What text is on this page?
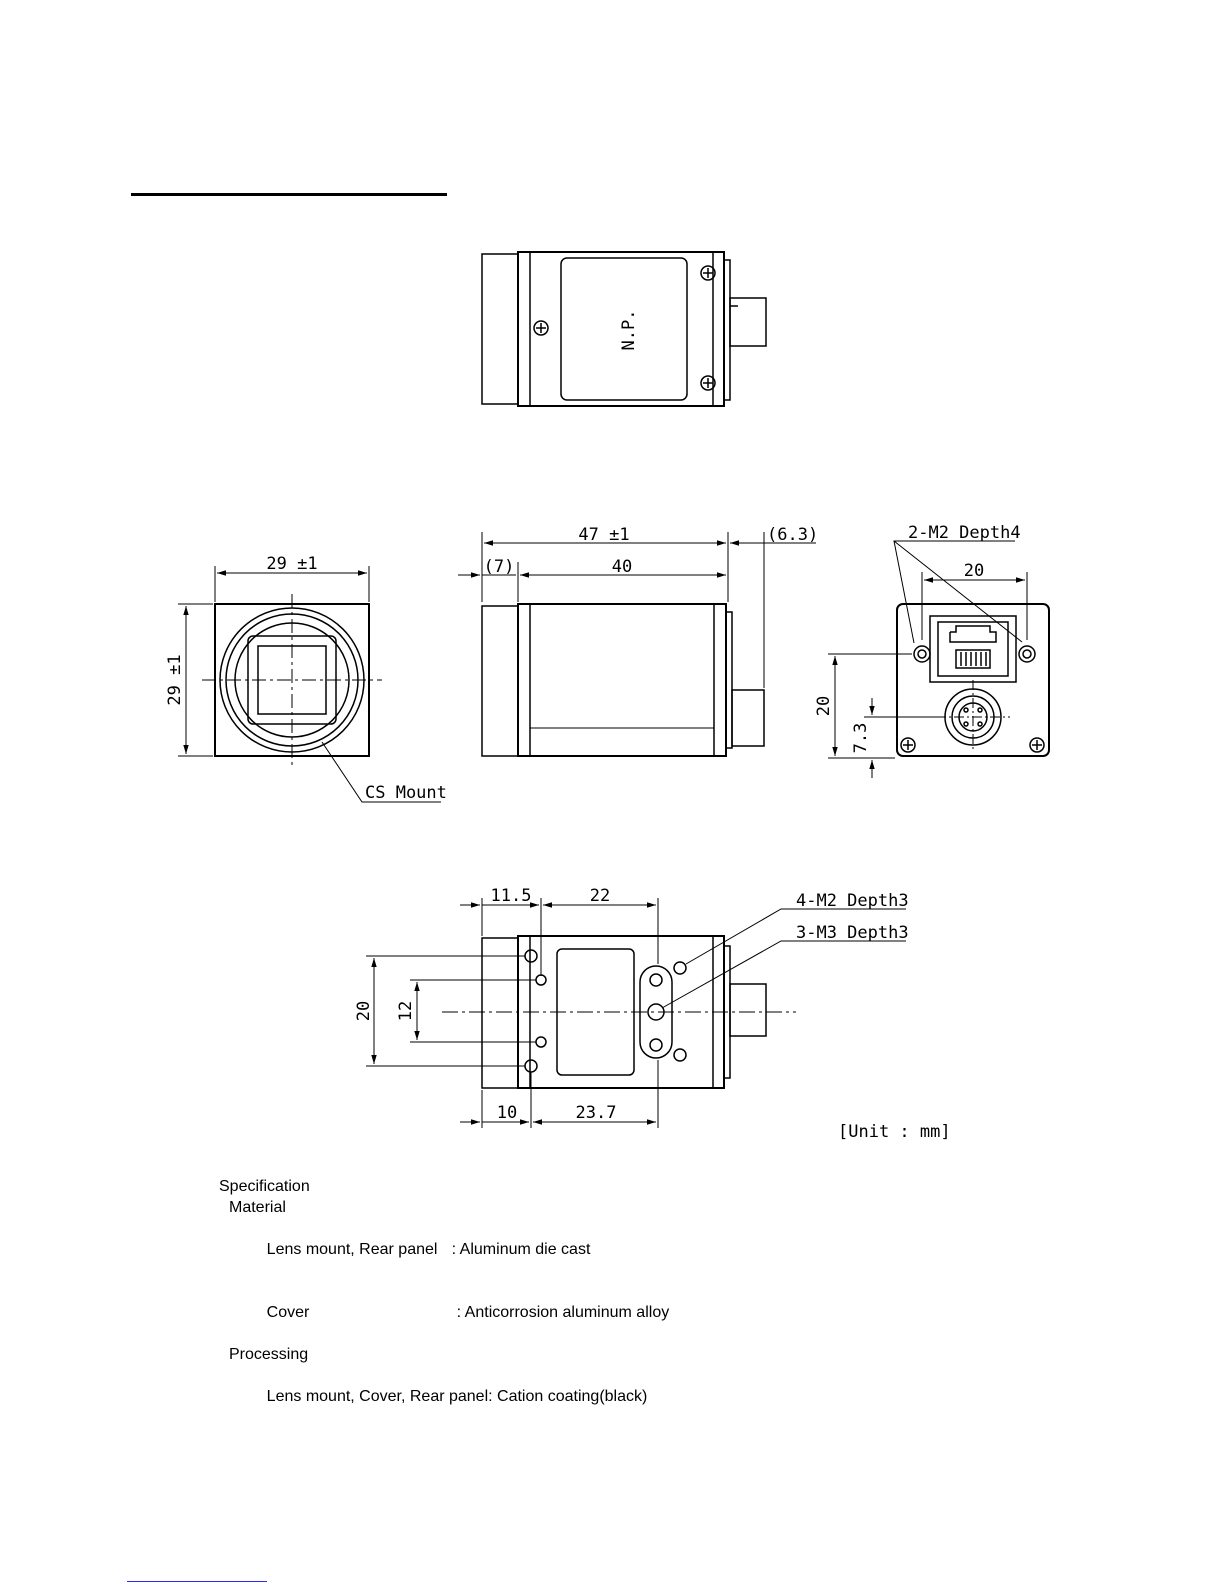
N.P.
29 ±1
29 ±1
CS Mount
47 ±1	(6.3)
(7)	40
2-M2 Depth4
20
20
7.3
11.5	22
10	23.7
20 12
4-M2 Depth3
3-M3 Depth3
[Unit : mm]
Specification
Material

Lens mount, Rear panel : Aluminum die cast

Cover	: Anticorrosion aluminum alloy

Processing

Lens mount, Cover, Rear panel: Cation coating(black)
